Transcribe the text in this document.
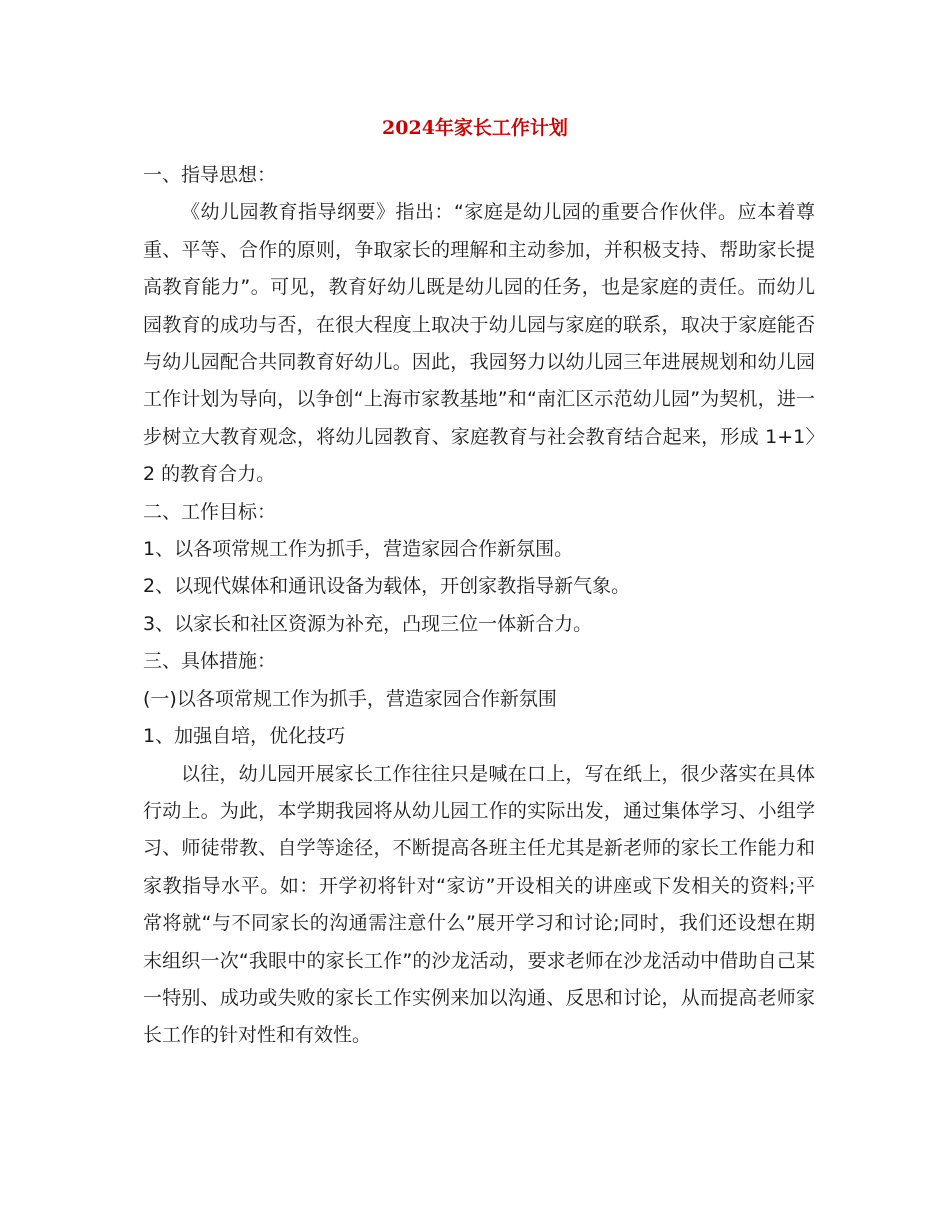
2024年家长工作计划

一、指导思想：

《幼儿园教育指导纲要》指出：“家庭是幼儿园的重要合作伙伴。应本着尊重、平等、合作的原则，争取家长的理解和主动参加，并积极支持、帮助家长提高教育能力”。可见，教育好幼儿既是幼儿园的任务，也是家庭的责任。而幼儿园教育的成功与否，在很大程度上取决于幼儿园与家庭的联系，取决于家庭能否与幼儿园配合共同教育好幼儿。因此，我园努力以幼儿园三年进展规划和幼儿园工作计划为导向，以争创“上海市家教基地”和“南汇区示范幼儿园”为契机，进一步树立大教育观念，将幼儿园教育、家庭教育与社会教育结合起来，形成 1+1〉2 的教育合力。

二、工作目标：

1、以各项常规工作为抓手，营造家园合作新氛围。

2、以现代媒体和通讯设备为载体，开创家教指导新气象。

3、以家长和社区资源为补充，凸现三位一体新合力。

三、具体措施：

(一)以各项常规工作为抓手，营造家园合作新氛围

1、加强自培，优化技巧

以往，幼儿园开展家长工作往往只是喊在口上，写在纸上，很少落实在具体行动上。为此，本学期我园将从幼儿园工作的实际出发，通过集体学习、小组学习、师徒带教、自学等途径，不断提高各班主任尤其是新老师的家长工作能力和家教指导水平。如：开学初将针对“家访”开设相关的讲座或下发相关的资料;平常将就“与不同家长的沟通需注意什么”展开学习和讨论;同时，我们还设想在期末组织一次“我眼中的家长工作”的沙龙活动，要求老师在沙龙活动中借助自己某一特别、成功或失败的家长工作实例来加以沟通、反思和讨论，从而提高老师家长工作的针对性和有效性。
